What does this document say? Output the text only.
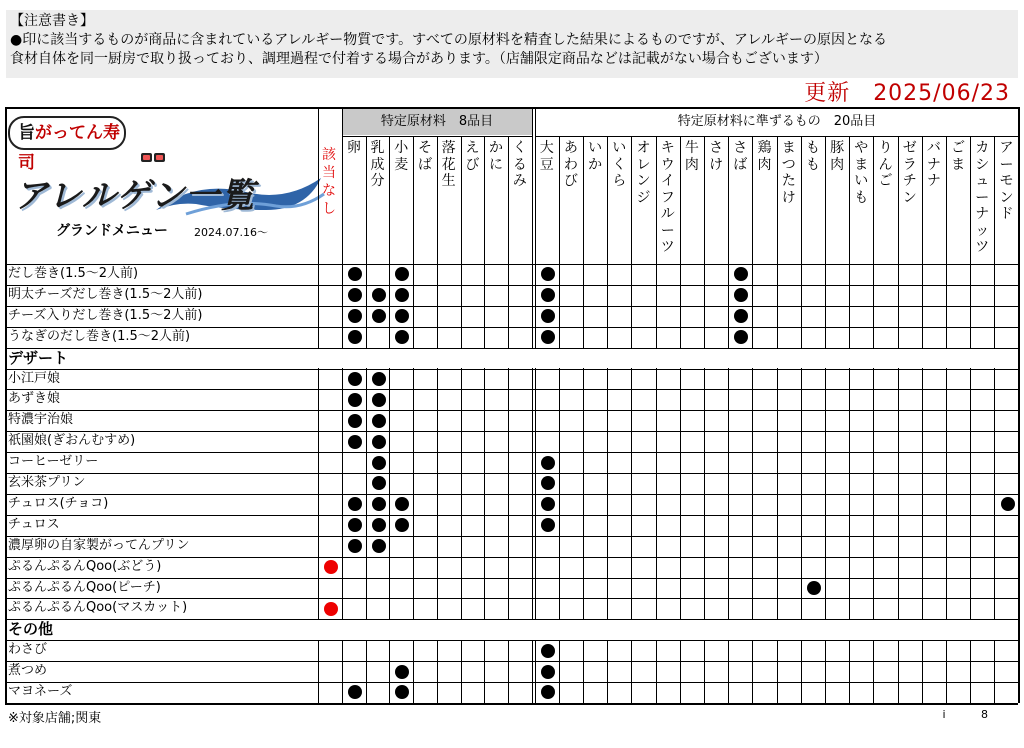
【注意書き】
●印に該当するものが商品に含まれているアレルギー物質です。すべての原材料を精査した結果によるものですが、アレルギーの原因となる
食材自体を同一厨房で取り扱っており、調理過程で付着する場合があります。（店舗限定商品などは記載がない場合もございます）
更新　2025/06/23
旨がってん寿司
アレルゲン一覧
グランドメニュー 2024.07.16〜
該当なし
特定原材料　8品目	特定原材料に準ずるもの　20品目
卵 乳成分
小麦
そば
落花生
えび
かに
くるみ
大豆
あわび
いか
いくら
オレンジ
キウイフルーツ
牛肉
さけ
さば
鶏肉
まつたけ
もも
豚肉
やまいも
りんご
ゼラチン
バナナ
ごま
カシューナッツ
アーモンド
だし巻き(1.5〜2人前)
明太チーズだし巻き(1.5〜2人前)
チーズ入りだし巻き(1.5〜2人前)
うなぎのだし巻き(1.5〜2人前)
デザート
小江戸娘
あずき娘
特濃宇治娘
祇園娘(ぎおんむすめ)
コーヒーゼリー
玄米茶プリン
チュロス(チョコ)
チュロス
濃厚卵の自家製がってんプリン
ぷるんぷるんQoo(ぶどう)
ぷるんぷるんQoo(ピーチ)
ぷるんぷるんQoo(マスカット)
その他
わさび
煮つめ
マヨネーズ
※対象店舗;関東	i 8
